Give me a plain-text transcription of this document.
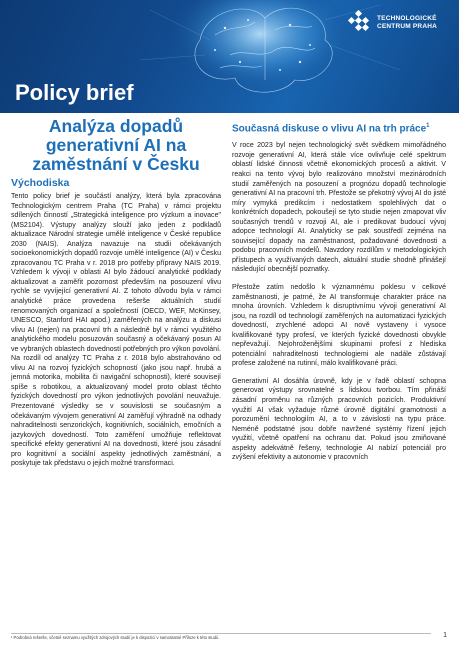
TECHNOLOGICKÉ
CENTRUM PRAHA
Policy brief
Analýza dopadů generativní AI na zaměstnání v Česku
Východiska

Tento policy brief je součástí analýzy, která byla zpracována Technologickým centrem Praha (TC Praha) v rámci projektu sdílených činností „Strategická inteligence pro výzkum a inovace" (MS2104). Výstupy analýzy slouží jako jeden z podkladů aktualizace Národní strategie umělé inteligence v České republice 2030 (NAIS). Analýza navazuje na studii očekávaných socioekonomických dopadů rozvoje umělé inteligence (AI) v Česku zpracovanou TC Praha v r. 2018 pro potřeby přípravy NAIS 2019. Vzhledem k vývoji v oblasti AI bylo žádoucí analytické podklady aktualizovat a zaměřit pozornost především na posouzení vlivu rychle se vyvíjející generativní AI. Z tohoto důvodu byla v rámci analytické práce provedena rešerše aktuálních studií renomovaných organizací a společností (OECD, WEF, McKinsey, UNESCO, Stanford HAI apod.) zaměřených na analýzu a diskusi vlivu AI (nejen) na pracovní trh a následně byl v rámci využitého analytického modelu posuzován současný a očekávaný posun AI ve vybraných oblastech dovedností potřebných pro výkon povolání. Na rozdíl od analýzy TC Praha z r. 2018 bylo abstrahováno od vlivu AI na rozvoj fyzických schopností (jako jsou např. hrubá a jemná motorika, mobilita či navigační schopnosti), které souvisejí spíše s robotikou, a aktualizovaný model proto oblast těchto fyzických dovedností pro výkon jednotlivých povolání neuvažuje. Prezentované výsledky se v souvislosti se současným a očekávaným vývojem generativní AI zaměřují výhradně na odhady nahraditelnosti senzorických, kognitivních, sociálních, emočních a jazykových dovedností. Toto zaměření umožňuje reflektovat specifické efekty generativní AI na dovednosti, které jsou zásadní pro kognitivní a sociální aspekty jednotlivých zaměstnání, a poskytuje tak představu o jejich možné transformaci.

Současná diskuse o vlivu AI na trh práce$^1$

V roce 2023 byl nejen technologický svět svědkem mimořádného rozvoje generativní AI, která stále více ovlivňuje celé spektrum oblastí lidské činnosti včetně ekonomických procesů a aktivit. V reakci na tento vývoj bylo realizováno množství mezinárodních studií zaměřených na posouzení a prognózu dopadů technologie generativní AI na pracovní trh. Přestože se překotný vývoj AI do jisté míry vymyká predikcím i nedostatkem spolehlivých dat o konkrétních dopadech, pokoušejí se tyto studie nejen zmapovat vliv současných trendů v rozvoji AI, ale i predikovat budoucí vývoj adopce technologií AI. Analyticky se pak soustředí zejména na související dopady na zaměstnanost, požadované dovednosti a podobu pracovních modelů. Navzdory rozdílům v metodologických přístupech a využívaných datech, aktuální studie shodně přinášejí následující obecnější poznatky.

Přestože zatím nedošlo k významnému poklesu v celkové zaměstnanosti, je patrné, že AI transformuje charakter práce na mnoha úrovních. Vzhledem k disruptivnímu vývoji generativní AI jsou, na rozdíl od technologií zaměřených na automatizaci fyzických dovedností, zrychlené adopci AI nově vystaveny i vysoce kvalifikované typy profesí, ve kterých fyzické dovednosti obvykle nepřevažují. Nejohroženějšími skupinami profesí z hlediska potenciální nahraditelnosti technologiemi ale nadále zůstávají profese založené na rutinní, málo kvalifikované práci.

Generativní AI dosáhla úrovně, kdy je v řadě oblastí schopna generovat výstupy srovnatelné s lidskou tvorbou. Tím přináší zásadní proměnu na různých pracovních pozicích. Produktivní využití AI však vyžaduje různé úrovně digitální gramotnosti a porozumění technologiím AI, a to v závislosti na typu práce. Neméně podstatné jsou dobře navržené systémy řízení jejich využití, včetně opatření na ochranu dat. Pokud jsou zmiňované aspekty adekvátně řešeny, technologie AI nabízí potenciál pro zvýšení efektivity a autonomie v pracovních

¹ Podrobná rešerše, včetně seznamu využitých zdrojových studií je k dispozici v samostatné Příloze k této studii.	1
